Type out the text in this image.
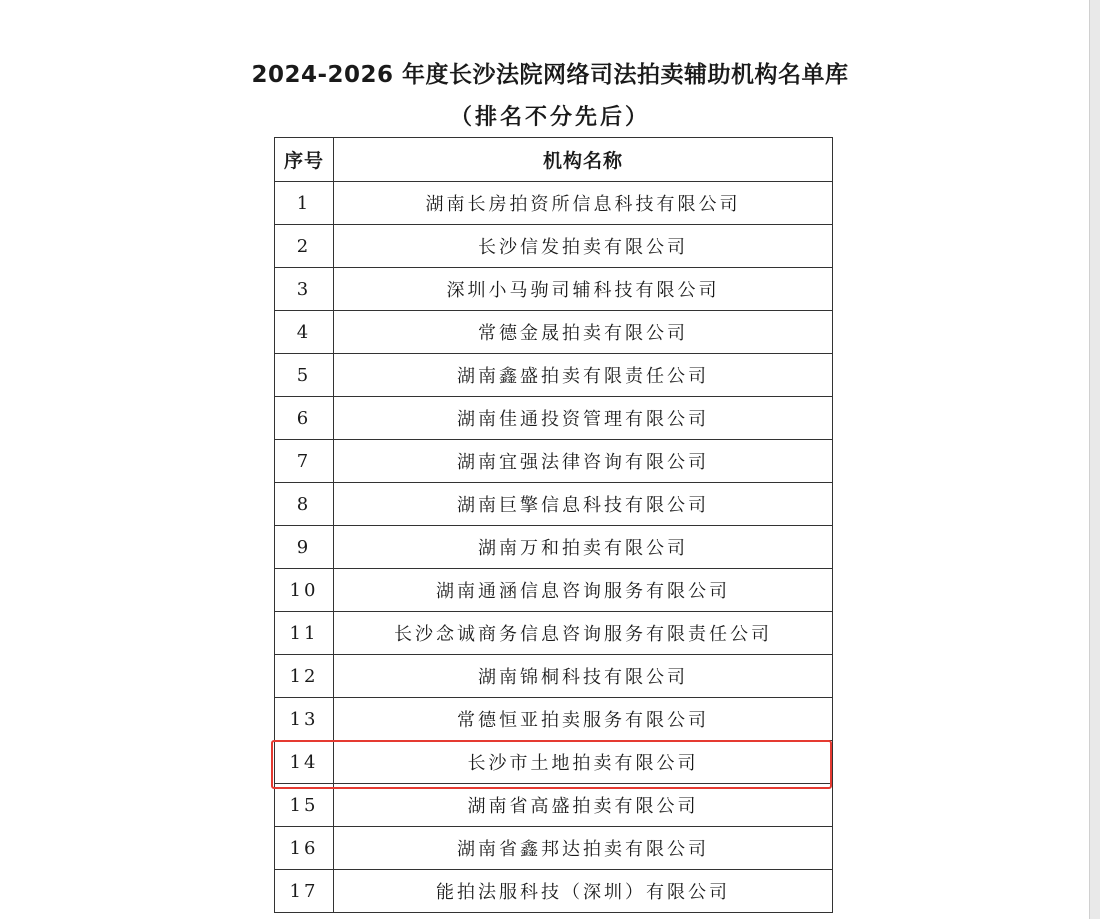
2024-2026 年度长沙法院网络司法拍卖辅助机构名单库
（排名不分先后）
序号	机构名称
1	湖南长房拍资所信息科技有限公司
2	长沙信发拍卖有限公司
3	深圳小马驹司辅科技有限公司
4	常德金晟拍卖有限公司
5	湖南鑫盛拍卖有限责任公司
6	湖南佳通投资管理有限公司
7	湖南宜强法律咨询有限公司
8	湖南巨擎信息科技有限公司
9	湖南万和拍卖有限公司
10	湖南通涵信息咨询服务有限公司
11	长沙念诚商务信息咨询服务有限责任公司
12	湖南锦桐科技有限公司
13	常德恒亚拍卖服务有限公司
14	长沙市土地拍卖有限公司
15	湖南省高盛拍卖有限公司
16	湖南省鑫邦达拍卖有限公司
17	能拍法服科技（深圳）有限公司
